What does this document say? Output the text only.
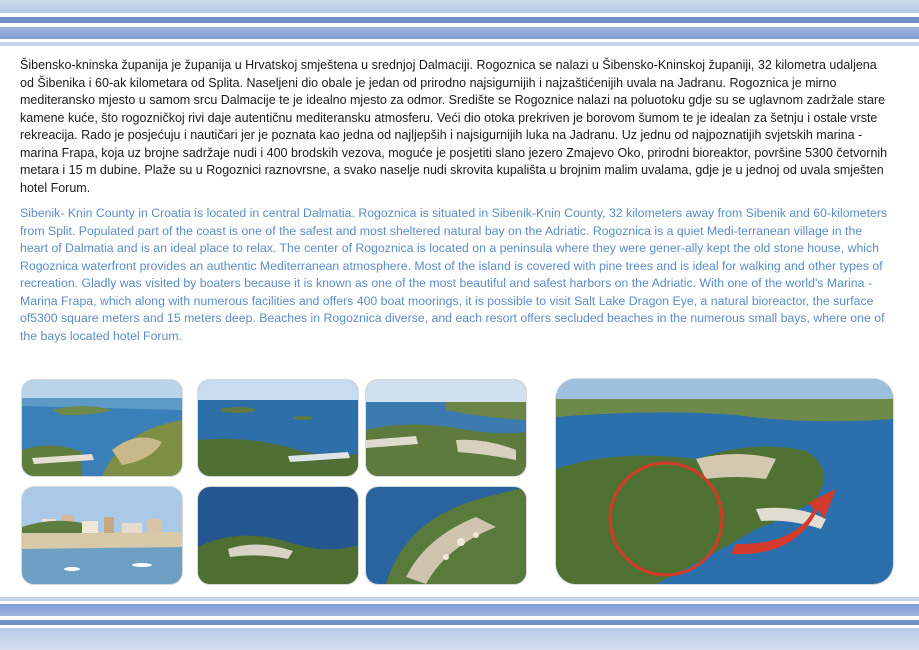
Šibensko-kninska županija je županija u Hrvatskoj smještena u srednjoj Dalmaciji. Rogoznica se nalazi u Šibensko-Kninskoj županiji, 32 kilometra udaljena od Šibenika i 60-ak kilometara od Splita. Naseljeni dio obale je jedan od prirodno najsigurnijih i najzaštićenijih uvala na Jadranu. Rogoznica je mirno mediteransko mjesto u samom srcu Dalmacije te je idealno mjesto za odmor. Središte se Rogoznice nalazi na poluotoku gdje su se uglavnom zadržale stare kamene kuće, što rogozničkoj rivi daje autentičnu mediteransku atmosferu. Veći dio otoka prekriven je borovom šumom te je idealan za šetnju i ostale vrste rekreacija. Rado je posjećuju i nautičari jer je poznata kao jedna od najljepših i najsigurnijih luka na Jadranu. Uz jednu od najpoznatijih svjetskih marina - marina Frapa, koja uz brojne sadržaje nudi i 400 brodskih vezova, moguće je posjetiti slano jezero Zmajevo Oko, prirodni bioreaktor, površine 5300 četvornih metara i 15 m dubine. Plaže su u Rogoznici raznovrsne, a svako naselje nudi skrovita kupališta u brojnim malim uvalama, gdje je u jednoj od uvala smješten hotel Forum.

Sibenik- Knin County in Croatia is located in central Dalmatia. Rogoznica is situated in Sibenik-Knin County, 32 kilometers away from Sibenik and 60-kilometers from Split. Populated part of the coast is one of the safest and most sheltered natural bay on the Adriatic. Rogoznica is a quiet Medi-terranean village in the heart of Dalmatia and is an ideal place to relax. The center of Rogoznica is located on a peninsula where they were gener-ally kept the old stone house, which Rogoznica waterfront provides an authentic Mediterranean atmosphere. Most of the island is covered with pine trees and is ideal for walking and other types of recreation. Gladly was visited by boaters because it is known as one of the most beautiful and safest harbors on the Adriatic. With one of the world's Marina - Marina Frapa, which along with numerous facilities and offers 400 boat moorings, it is possible to visit Salt Lake Dragon Eye, a natural bioreactor, the surface of5300 square meters and 15 meters deep. Beaches in Rogoznica diverse, and each resort offers secluded beaches in the numerous small bays, where one of the bays located hotel Forum.
